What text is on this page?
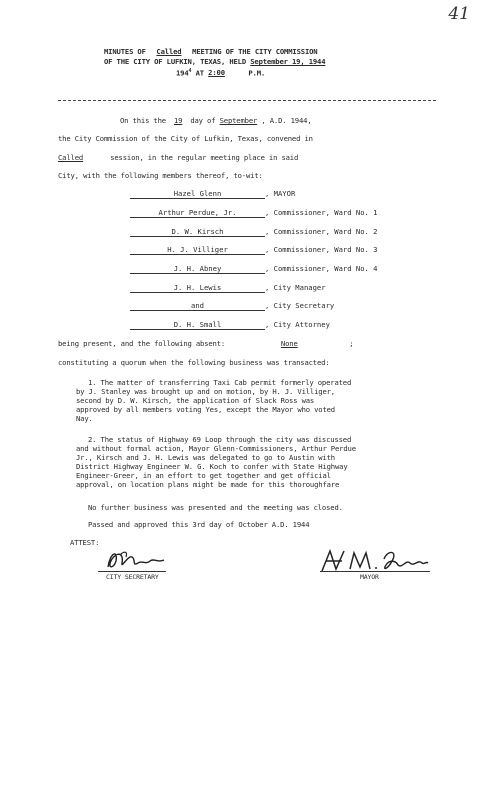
41
MINUTES OF Called MEETING OF THE CITY COMMISSION
OF THE CITY OF LUFKIN, TEXAS, HELD September 19, 1944
$194^4$ AT 2:00	P.M.
On this the 19 day of September , A.D. 1944,
the City Commission of the City of Lufkin, Texas, convened in
Called	session, in the regular meeting place in said
City, with the following members thereof, to-wit:
Hazel Glenn	, MAYOR
Arthur Perdue, Jr.	, Commissioner, Ward No. 1
D. W. Kirsch	, Commissioner, Ward No. 2
H. J. Villiger	, Commissioner, Ward No. 3
J. H. Abney	, Commissioner, Ward No. 4
J. H. Lewis	, City Manager
and	, City Secretary
D. H. Small	, City Attorney
being present, and the following absent:	None	;
constituting a quorum when the following business was transacted:
1. The matter of transferring Taxi Cab permit formerly operated
by J. Stanley was brought up and on motion, by H. J. Villiger,
second by D. W. Kirsch, the application of Slack Ross was
approved by all members voting Yes, except the Mayor who voted
Nay.
2. The status of Highway 69 Loop through the city was discussed
and without formal action, Mayor Glenn-Commissioners, Arthur Perdue
Jr., Kirsch and J. H. Lewis was delegated to go to Austin with
District Highway Engineer W. G. Koch to confer with State Highway
Engineer-Greer, in an effort to get together and get official
approval, on location plans might be made for this thoroughfare
No further business was presented and the meeting was closed.
Passed and approved this 3rd day of October A.D. 1944
ATTEST:
CITY SECRETARY	MAYOR
